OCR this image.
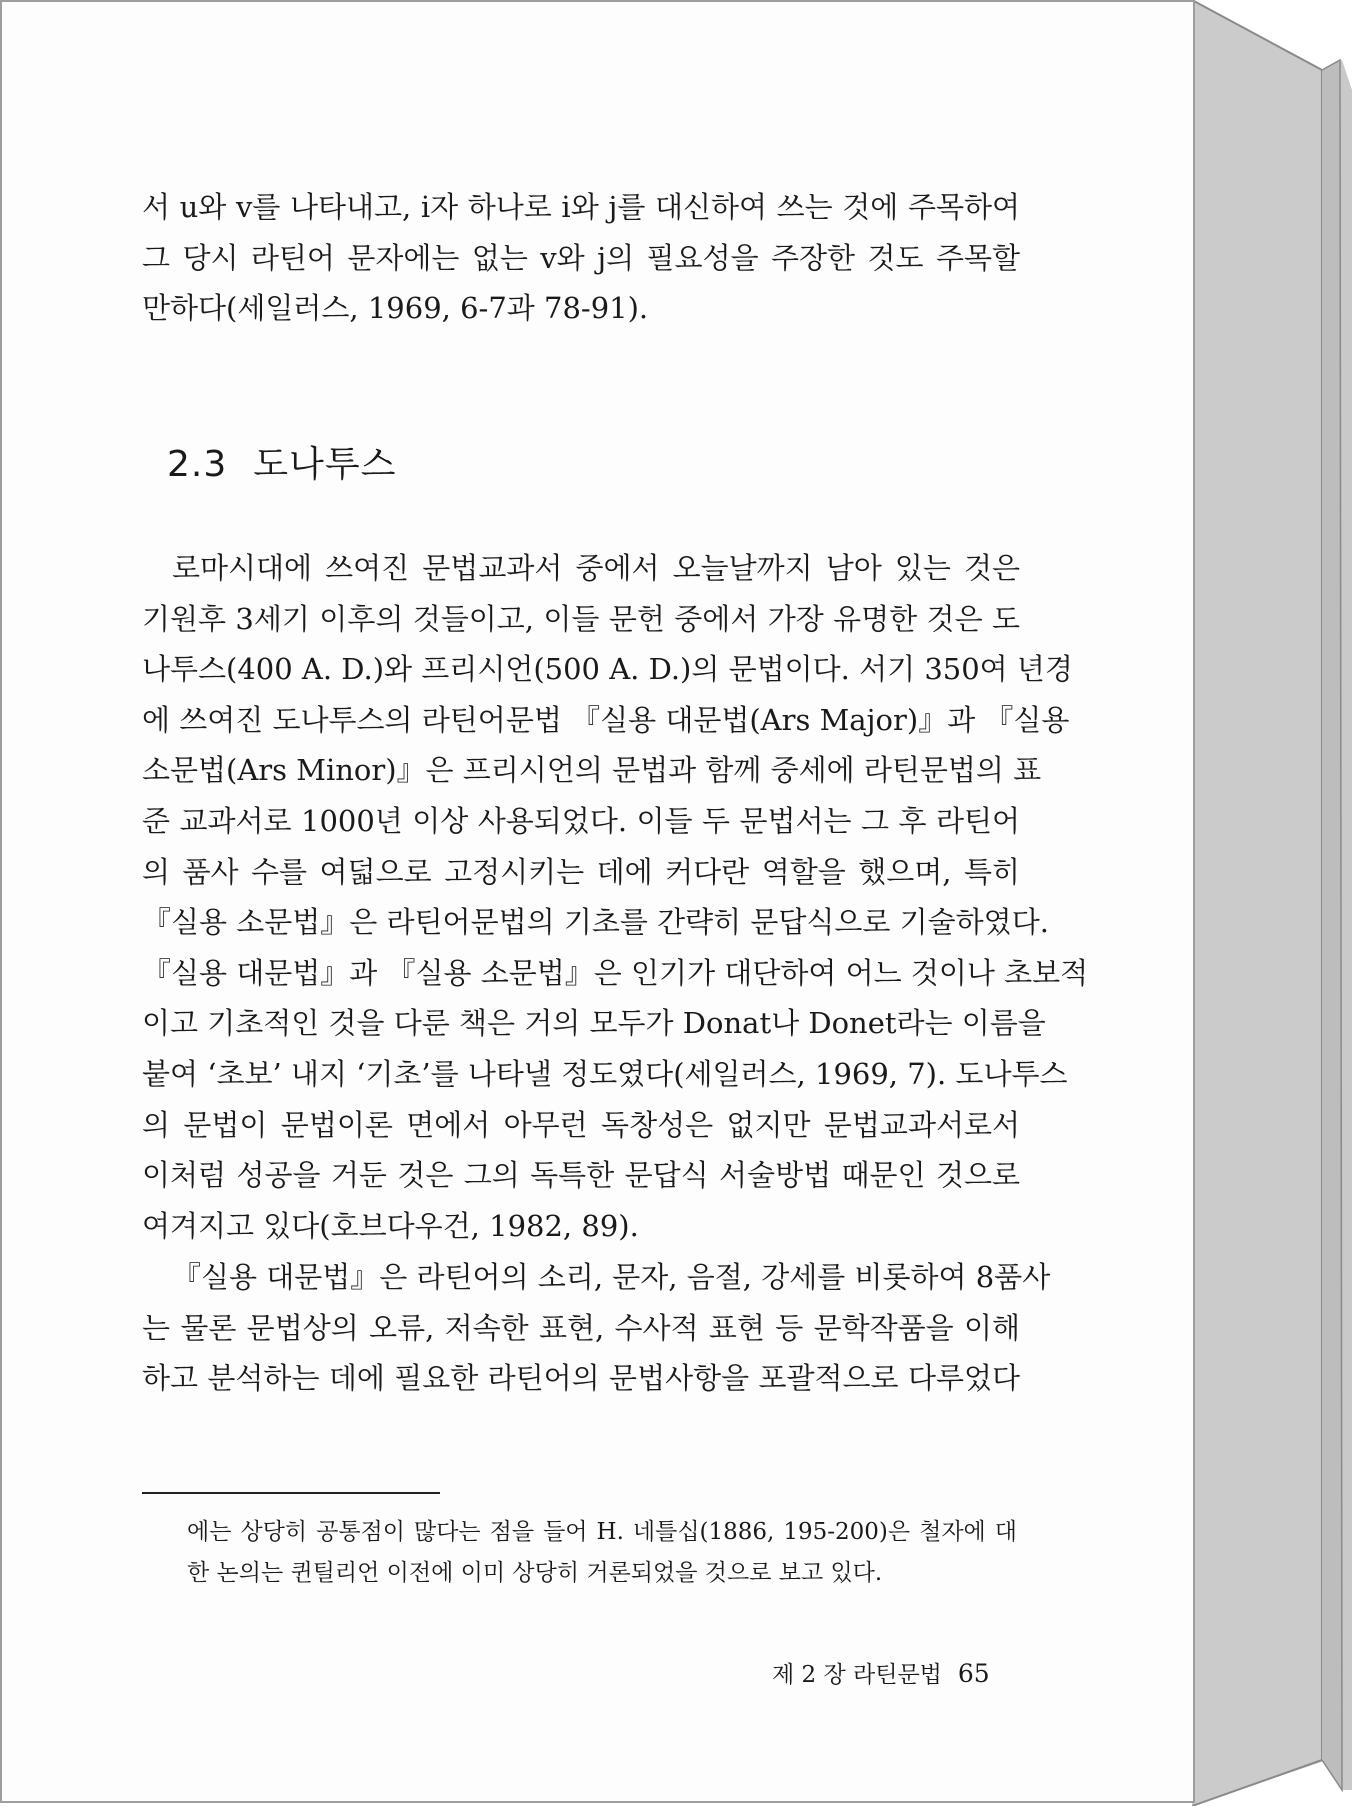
서 u와 v를 나타내고, i자 하나로 i와 j를 대신하여 쓰는 것에 주목하여
그 당시 라틴어 문자에는 없는 v와 j의 필요성을 주장한 것도 주목할
만하다(세일러스, 1969, 6-7과 78-91).
2.3 도나투스
로마시대에 쓰여진 문법교과서 중에서 오늘날까지 남아 있는 것은
기원후 3세기 이후의 것들이고, 이들 문헌 중에서 가장 유명한 것은 도
나투스(400 A. D.)와 프리시언(500 A. D.)의 문법이다. 서기 350여 년경
에 쓰여진 도나투스의 라틴어문법 『실용 대문법(Ars Major)』과 『실용
소문법(Ars Minor)』은 프리시언의 문법과 함께 중세에 라틴문법의 표
준 교과서로 1000년 이상 사용되었다. 이들 두 문법서는 그 후 라틴어
의 품사 수를 여덟으로 고정시키는 데에 커다란 역할을 했으며, 특히
『실용 소문법』은 라틴어문법의 기초를 간략히 문답식으로 기술하였다.
『실용 대문법』과 『실용 소문법』은 인기가 대단하여 어느 것이나 초보적
이고 기초적인 것을 다룬 책은 거의 모두가 Donat나 Donet라는 이름을
붙여 ‘초보’ 내지 ‘기초’를 나타낼 정도였다(세일러스, 1969, 7). 도나투스
의 문법이 문법이론 면에서 아무런 독창성은 없지만 문법교과서로서
이처럼 성공을 거둔 것은 그의 독특한 문답식 서술방법 때문인 것으로
여겨지고 있다(호브다우건, 1982, 89).
『실용 대문법』은 라틴어의 소리, 문자, 음절, 강세를 비롯하여 8품사
는 물론 문법상의 오류, 저속한 표현, 수사적 표현 등 문학작품을 이해
하고 분석하는 데에 필요한 라틴어의 문법사항을 포괄적으로 다루었다
에는 상당히 공통점이 많다는 점을 들어 H. 네틀십(1886, 195-200)은 철자에 대
한 논의는 퀸틸리언 이전에 이미 상당히 거론되었을 것으로 보고 있다.
제 2 장 라틴문법 65
